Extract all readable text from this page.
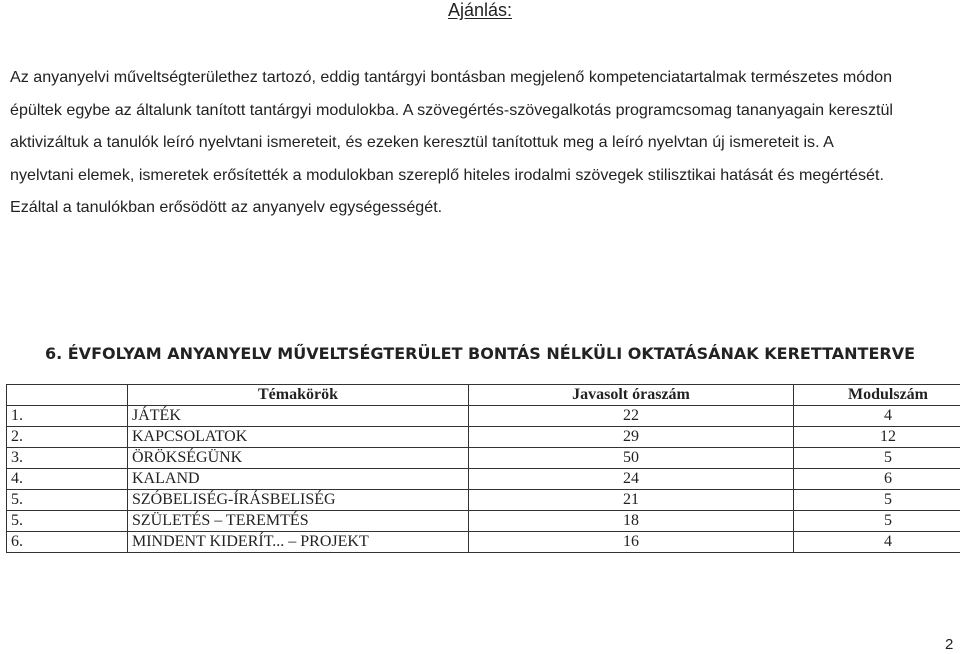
Ajánlás:

Az anyanyelvi műveltségterülethez tartozó, eddig tantárgyi bontásban megjelenő kompetenciatartalmak természetes módon
épültek egybe az általunk tanított tantárgyi modulokba. A szövegértés-szövegalkotás programcsomag tananyagain keresztül
aktivizáltuk a tanulók leíró nyelvtani ismereteit, és ezeken keresztül tanítottuk meg a leíró nyelvtan új ismereteit is. A
nyelvtani elemek, ismeretek erősítették a modulokban szereplő hiteles irodalmi szövegek stilisztikai hatását és megértését.
Ezáltal a tanulókban erősödött az anyanyelv egységességét.

6. ÉVFOLYAM ANYANYELV MŰVELTSÉGTERÜLET BONTÁS NÉLKÜLI OKTATÁSÁNAK KERETTANTERVE
	Témakörök	Javasolt óraszám	Modulszám
1.	JÁTÉK	22	4
2.	KAPCSOLATOK	29	12
3.	ÖRÖKSÉGÜNK	50	5
4.	KALAND	24	6
5.	SZÓBELISÉG-ÍRÁSBELISÉG	21	5
5.	SZÜLETÉS – TEREMTÉS	18	5
6.	MINDENT KIDERÍT... – PROJEKT	16	4
2
